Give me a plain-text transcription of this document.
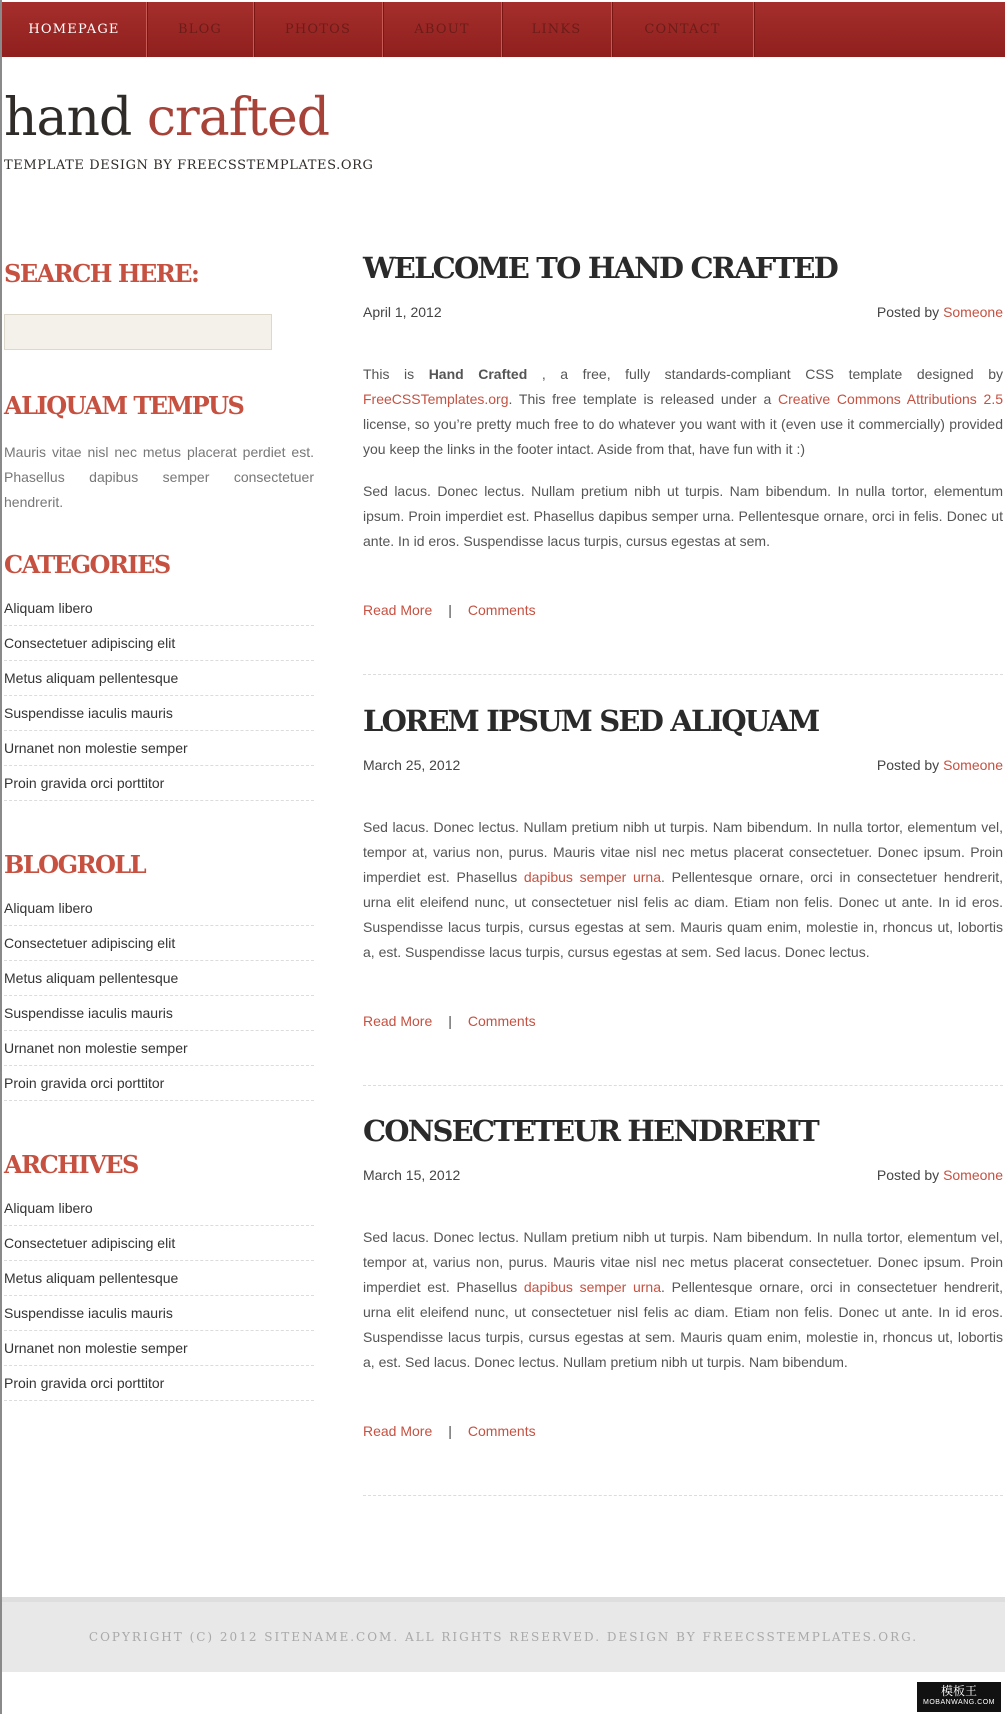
HOMEPAGE	BLOG	PHOTOS	ABOUT	LINKS	CONTACT
hand crafted
TEMPLATE DESIGN BY FREECSSTEMPLATES.ORG
SEARCH HERE:
ALIQUAM TEMPUS
Mauris vitae nisl nec metus placerat perdiet est. Phasellus dapibus semper consectetuer hendrerit.
CATEGORIES
Aliquam libero
Consectetuer adipiscing elit
Metus aliquam pellentesque
Suspendisse iaculis mauris
Urnanet non molestie semper
Proin gravida orci porttitor
BLOGROLL
Aliquam libero
Consectetuer adipiscing elit
Metus aliquam pellentesque
Suspendisse iaculis mauris
Urnanet non molestie semper
Proin gravida orci porttitor
ARCHIVES
Aliquam libero
Consectetuer adipiscing elit
Metus aliquam pellentesque
Suspendisse iaculis mauris
Urnanet non molestie semper
Proin gravida orci porttitor
WELCOME TO HAND CRAFTED
April 1, 2012	Posted by Someone

This is Hand Crafted , a free, fully standards-compliant CSS template designed by FreeCSSTemplates.org. This free template is released under a Creative Commons Attributions 2.5 license, so you’re pretty much free to do whatever you want with it (even use it commercially) provided you keep the links in the footer intact. Aside from that, have fun with it :)

Sed lacus. Donec lectus. Nullam pretium nibh ut turpis. Nam bibendum. In nulla tortor, elementum ipsum. Proin imperdiet est. Phasellus dapibus semper urna. Pellentesque ornare, orci in felis. Donec ut ante. In id eros. Suspendisse lacus turpis, cursus egestas at sem.

Read More | Comments
LOREM IPSUM SED ALIQUAM
March 25, 2012	Posted by Someone

Sed lacus. Donec lectus. Nullam pretium nibh ut turpis. Nam bibendum. In nulla tortor, elementum vel, tempor at, varius non, purus. Mauris vitae nisl nec metus placerat consectetuer. Donec ipsum. Proin imperdiet est. Phasellus dapibus semper urna. Pellentesque ornare, orci in consectetuer hendrerit, urna elit eleifend nunc, ut consectetuer nisl felis ac diam. Etiam non felis. Donec ut ante. In id eros. Suspendisse lacus turpis, cursus egestas at sem. Mauris quam enim, molestie in, rhoncus ut, lobortis a, est. Suspendisse lacus turpis, cursus egestas at sem. Sed lacus. Donec lectus.

Read More | Comments
CONSECTETEUR HENDRERIT
March 15, 2012	Posted by Someone

Sed lacus. Donec lectus. Nullam pretium nibh ut turpis. Nam bibendum. In nulla tortor, elementum vel, tempor at, varius non, purus. Mauris vitae nisl nec metus placerat consectetuer. Donec ipsum. Proin imperdiet est. Phasellus dapibus semper urna. Pellentesque ornare, orci in consectetuer hendrerit, urna elit eleifend nunc, ut consectetuer nisl felis ac diam. Etiam non felis. Donec ut ante. In id eros. Suspendisse lacus turpis, cursus egestas at sem. Mauris quam enim, molestie in, rhoncus ut, lobortis a, est. Sed lacus. Donec lectus. Nullam pretium nibh ut turpis. Nam bibendum.

Read More | Comments
COPYRIGHT (C) 2012 SITENAME.COM. ALL RIGHTS RESERVED. DESIGN BY FREECSSTEMPLATES.ORG.
模板王
MOBANWANG.COM
